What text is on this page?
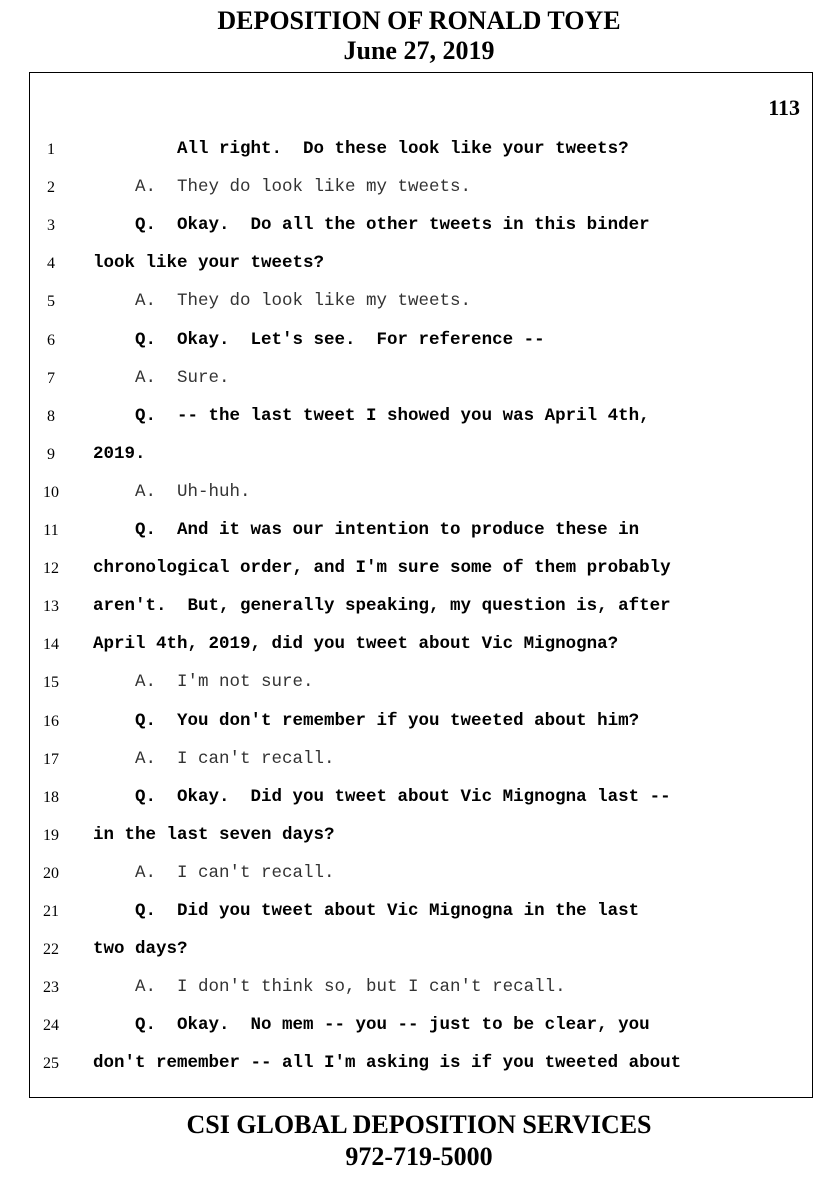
DEPOSITION OF RONALD TOYE
June 27, 2019
113
1	All right.  Do these look like your tweets?
2	A.  They do look like my tweets.
3	Q.  Okay.  Do all the other tweets in this binder
4	look like your tweets?
5	A.  They do look like my tweets.
6	Q.  Okay.  Let's see.  For reference --
7	A.  Sure.
8	Q.  -- the last tweet I showed you was April 4th,
9	2019.
10	A.  Uh-huh.
11	Q.  And it was our intention to produce these in
12	chronological order, and I'm sure some of them probably
13	aren't.  But, generally speaking, my question is, after
14	April 4th, 2019, did you tweet about Vic Mignogna?
15	A.  I'm not sure.
16	Q.  You don't remember if you tweeted about him?
17	A.  I can't recall.
18	Q.  Okay.  Did you tweet about Vic Mignogna last --
19	in the last seven days?
20	A.  I can't recall.
21	Q.  Did you tweet about Vic Mignogna in the last
22	two days?
23	A.  I don't think so, but I can't recall.
24	Q.  Okay.  No mem -- you -- just to be clear, you
25	don't remember -- all I'm asking is if you tweeted about
CSI GLOBAL DEPOSITION SERVICES
972-719-5000
